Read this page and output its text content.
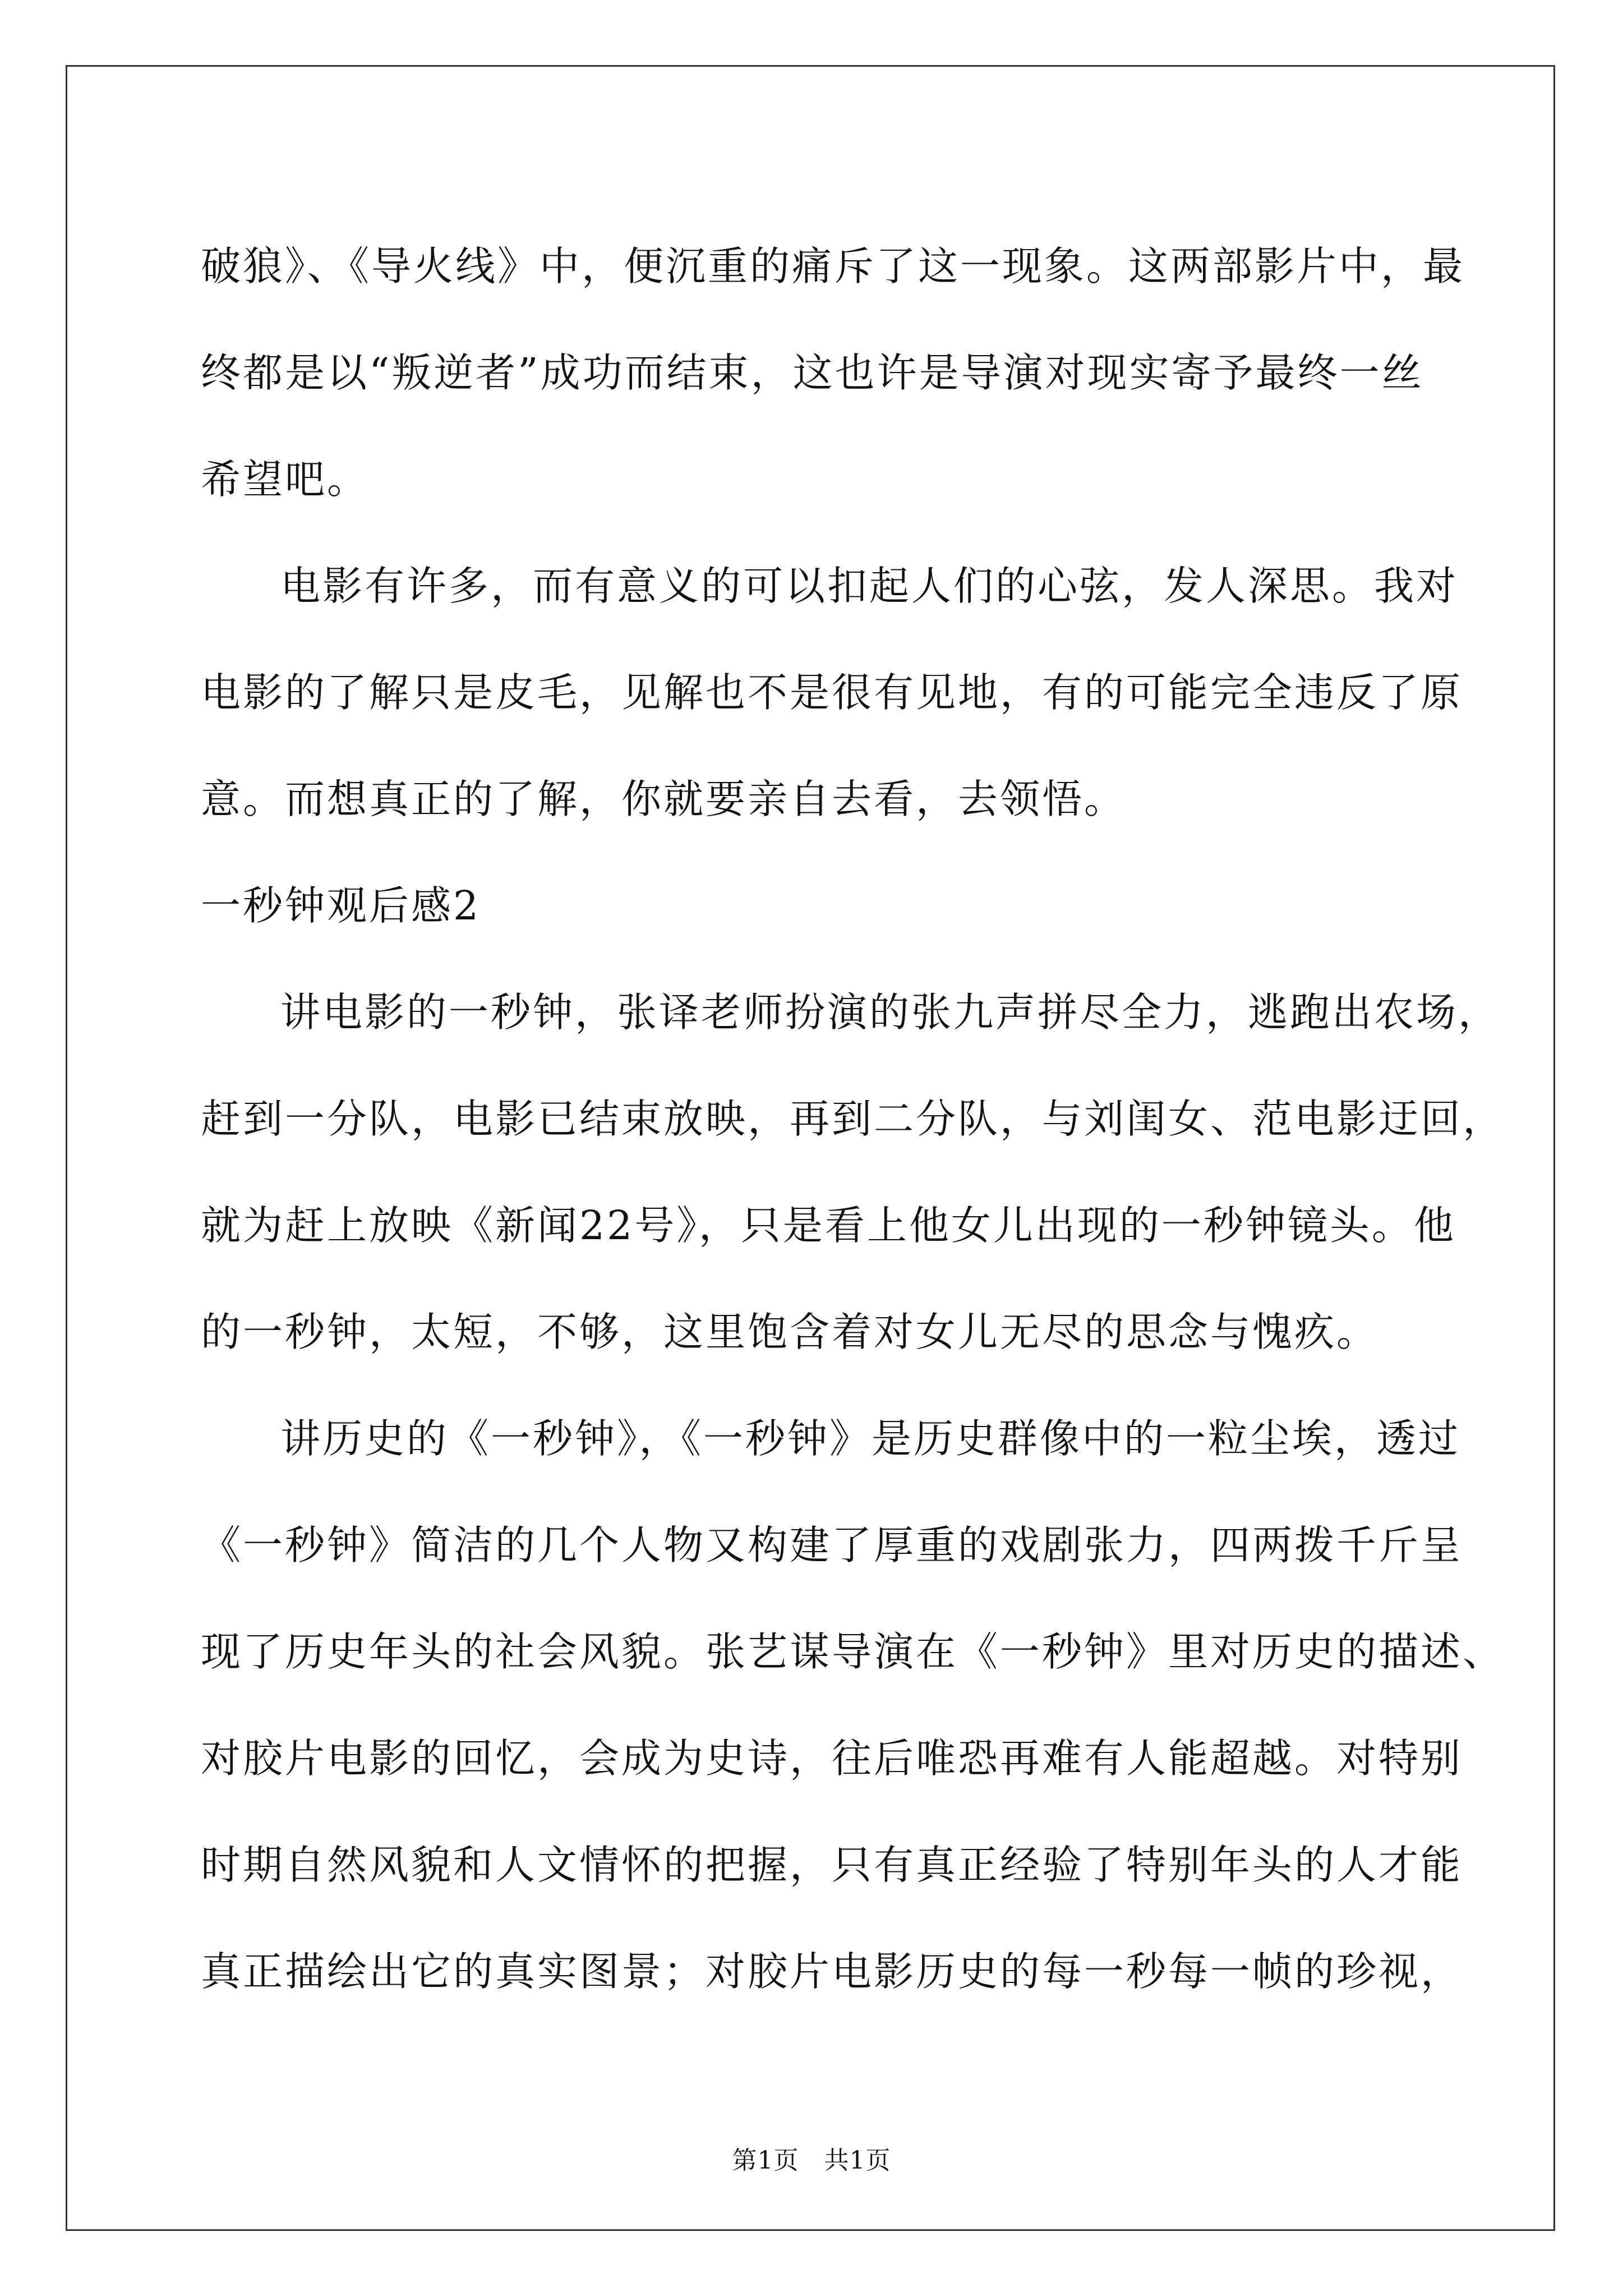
破狼》、《导火线》中，便沉重的痛斥了这一现象。这两部影片中，最
终都是以“叛逆者”成功而结束，这也许是导演对现实寄予最终一丝
希望吧。
电影有许多，而有意义的可以扣起人们的心弦，发人深思。我对
电影的了解只是皮毛，见解也不是很有见地，有的可能完全违反了原
意。而想真正的了解，你就要亲自去看，去领悟。
一秒钟观后感2
讲电影的一秒钟，张译老师扮演的张九声拼尽全力，逃跑出农场，
赶到一分队，电影已结束放映，再到二分队，与刘闺女、范电影迂回，
就为赶上放映《新闻22号》，只是看上他女儿出现的一秒钟镜头。他
的一秒钟，太短，不够，这里饱含着对女儿无尽的思念与愧疚。
讲历史的《一秒钟》，《一秒钟》是历史群像中的一粒尘埃，透过
《一秒钟》简洁的几个人物又构建了厚重的戏剧张力，四两拨千斤呈
现了历史年头的社会风貌。张艺谋导演在《一秒钟》里对历史的描述、
对胶片电影的回忆，会成为史诗，往后唯恐再难有人能超越。对特别
时期自然风貌和人文情怀的把握，只有真正经验了特别年头的人才能
真正描绘出它的真实图景；对胶片电影历史的每一秒每一帧的珍视，
第1页   共1页
